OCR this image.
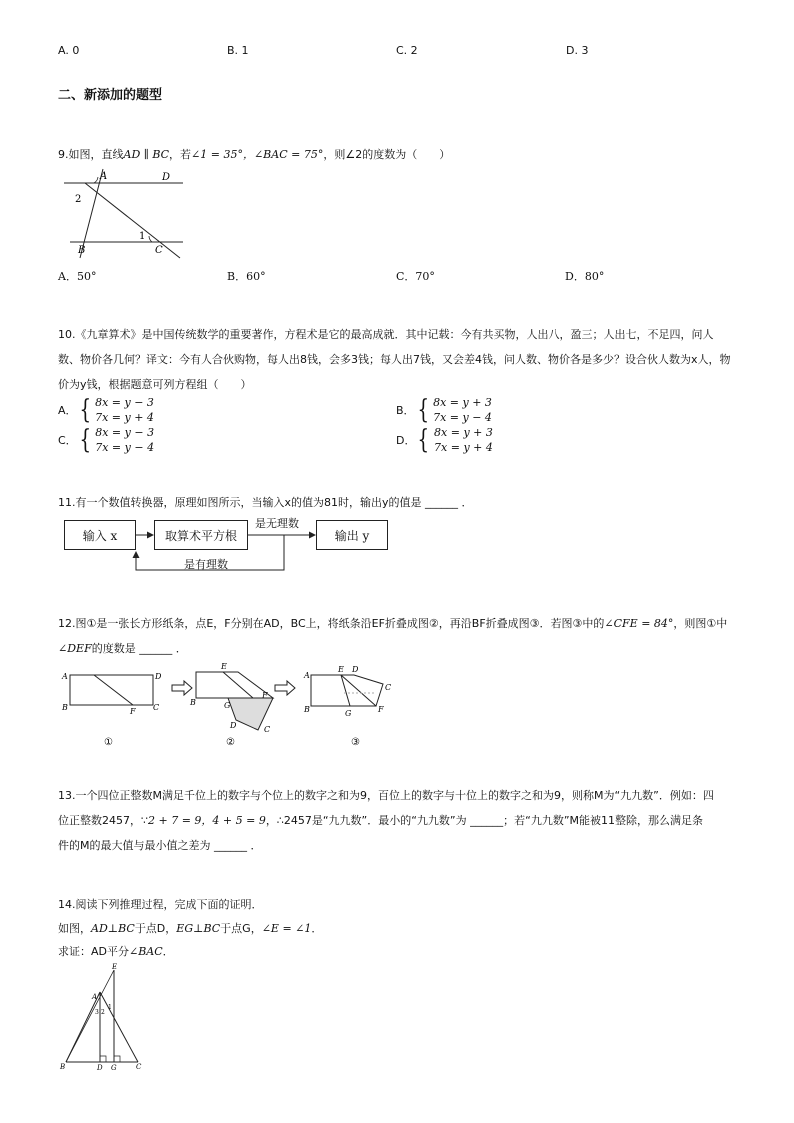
A. 0	B. 1	C. 2	D. 3
二、新添加的题型
9.如图，直线AD ∥ BC，若∠1 = 35°，∠BAC = 75°，则∠2的度数为（　　）
A	D
B	C
1
2
A．50°	B．60°	C．70°	D．80°
10.《九章算术》是中国传统数学的重要著作，方程术是它的最高成就．其中记载：今有共买物，人出八，盈三；人出七，不足四，问人
数、物价各几何？译文：今有人合伙购物，每人出8钱，会多3钱；每人出7钱，又会差4钱，问人数、物价各是多少？设合伙人数为x人，物
价为y钱，根据题意可列方程组（　　）
A． { 8x = y − 3
7x = y + 4
B． { 8x = y + 3
7x = y − 4
C． { 8x = y − 3
7x = y − 4
D． { 8x = y + 3
7x = y + 4
11.有一个数值转换器，原理如图所示，当输入x的值为81时，输出y的值是 ______ ．
输入 x	取算术平方根	输出 y
是无理数
是有理数
12.图①是一张长方形纸条，点E，F分别在AD，BC上，将纸条沿EF折叠成图②，再沿BF折叠成图③．若图③中的∠CFE = 84°，则图①中
∠DEF的度数是 ______ ．
A	D
B	F C
①
E
B	G
F
D	C
②
E D
A
C
B	G	F
③
13.一个四位正整数M满足千位上的数字与个位上的数字之和为9，百位上的数字与十位上的数字之和为9，则称M为“九九数”．例如：四
位正整数2457，∵2 + 7 = 9，4 + 5 = 9，∴2457是“九九数”．最小的“九九数”为 ______；若“九九数”M能被11整除，那么满足条
件的M的最大值与最小值之差为 ______ ．
14.阅读下列推理过程，完成下面的证明．
如图，AD⊥BC于点D，EG⊥BC于点G，∠E = ∠1．
求证：AD平分∠BAC．
E
A
B	D G	C
1
2
3
